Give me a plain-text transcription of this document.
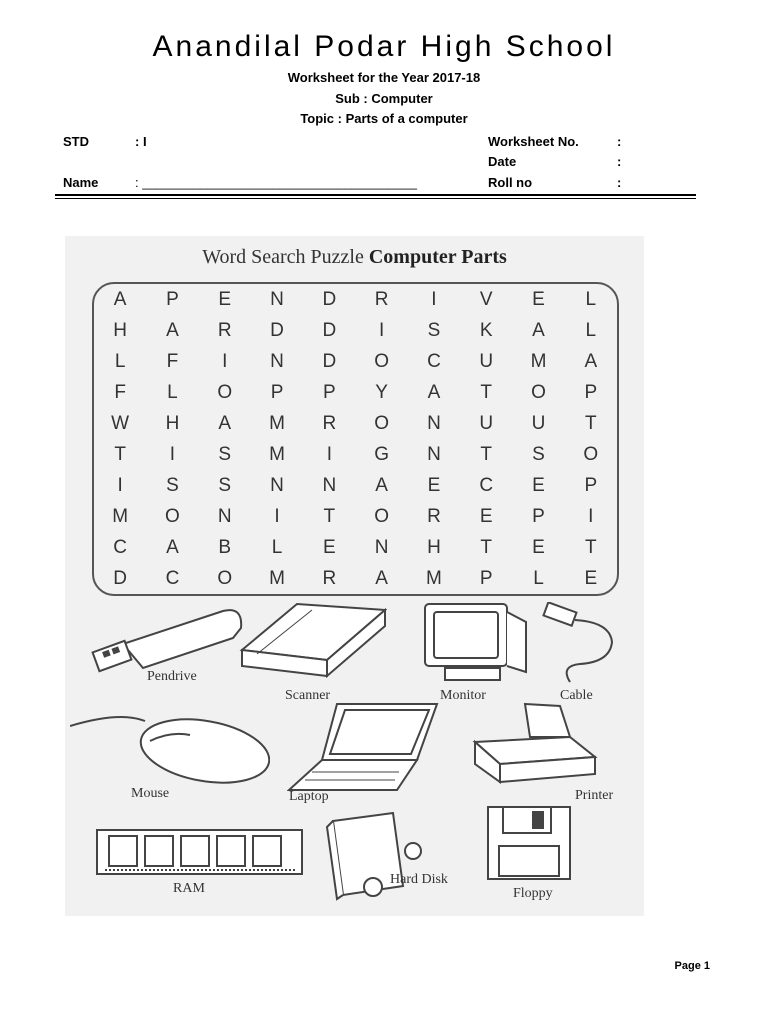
Anandilal Podar High School
Worksheet for the Year 2017-18
Sub : Computer
Topic : Parts of a computer
STD	: I
Name	: ______________________________________
Worksheet No.	:
Date	:
Roll no	:
Word Search Puzzle Computer Parts
A	P	E	N	D	R	I	V	E	L
H	A	R	D	D	I	S	K	A	L
L	F	I	N	D	O	C	U	M	A
F	L	O	P	P	Y	A	T	O	P
W	H	A	M	R	O	N	U	U	T
T	I	S	M	I	G	N	T	S	O
I	S	S	N	N	A	E	C	E	P
M	O	N	I	T	O	R	E	P	I
C	A	B	L	E	N	H	T	E	T
D	C	O	M	R	A	M	P	L	E
Pendrive
Scanner	Monitor	Cable
Mouse	Laptop	Printer
RAM
Hard Disk
Floppy
Page 1
